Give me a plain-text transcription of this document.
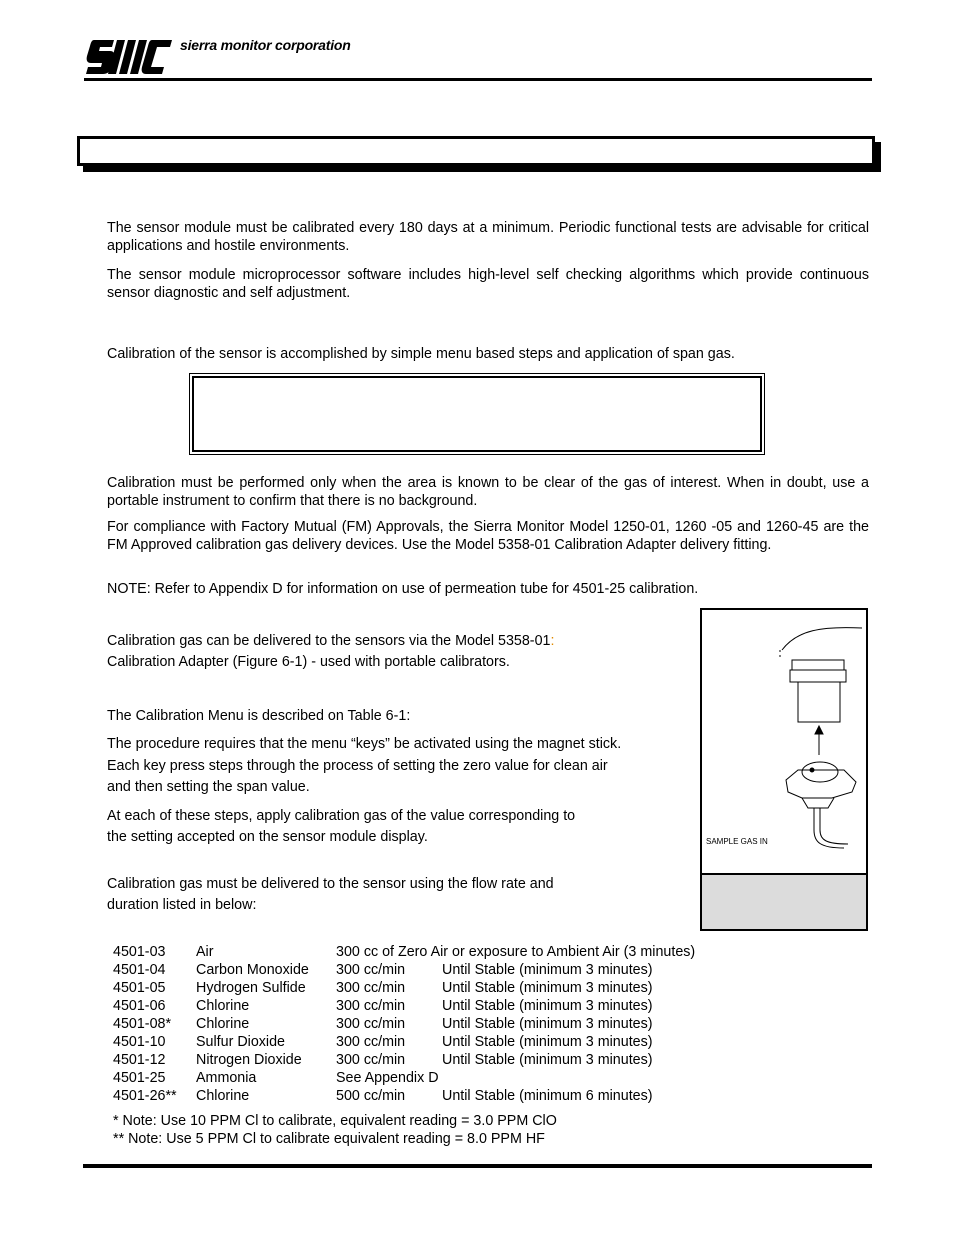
sierra monitor corporation
The sensor module must be calibrated every 180 days at a minimum. Periodic functional tests are advisable for critical applications and hostile environments.
The sensor module microprocessor software includes high-level self checking algorithms which provide continuous sensor diagnostic and self adjustment.
Calibration of the sensor is accomplished by simple menu based steps and application of span gas.
Calibration must be performed only when the area is known to be clear of the gas of interest. When in doubt, use a portable instrument to confirm that there is no background.
For compliance with Factory Mutual (FM) Approvals, the Sierra Monitor Model 1250-01, 1260 -05 and 1260-45 are the FM Approved calibration gas delivery devices. Use the Model 5358-01 Calibration Adapter delivery fitting.
NOTE: Refer to Appendix D for information on use of permeation tube for 4501-25 calibration.
Calibration gas can be delivered to the sensors via the Model 5358-01:
Calibration Adapter (Figure 6-1) - used with portable calibrators.
The Calibration Menu is described on Table 6-1:
The procedure requires that the menu “keys” be activated using the magnet stick.
Each key press steps through the process of setting the zero value for clean air
and then setting the span value.
At each of these steps, apply calibration gas of the value corresponding to
the setting accepted on the sensor module display.
Calibration gas must be delivered to the sensor using the flow rate and
duration listed in below:
SAMPLE GAS IN
4501-03	Air	300 cc of Zero Air or exposure to Ambient Air (3 minutes)
4501-04	Carbon Monoxide	300 cc/min	Until Stable (minimum 3 minutes)
4501-05	Hydrogen Sulfide	300 cc/min	Until Stable (minimum 3 minutes)
4501-06	Chlorine	300 cc/min	Until Stable (minimum 3 minutes)
4501-08*	Chlorine	300 cc/min	Until Stable (minimum 3 minutes)
4501-10	Sulfur Dioxide	300 cc/min	Until Stable (minimum 3 minutes)
4501-12	Nitrogen Dioxide	300 cc/min	Until Stable (minimum 3 minutes)
4501-25	Ammonia	See Appendix D
4501-26**	Chlorine	500 cc/min	Until Stable (minimum 6 minutes)
* Note: Use 10 PPM Cl to calibrate, equivalent reading = 3.0 PPM ClO
** Note: Use 5 PPM Cl to calibrate equivalent reading = 8.0 PPM HF
